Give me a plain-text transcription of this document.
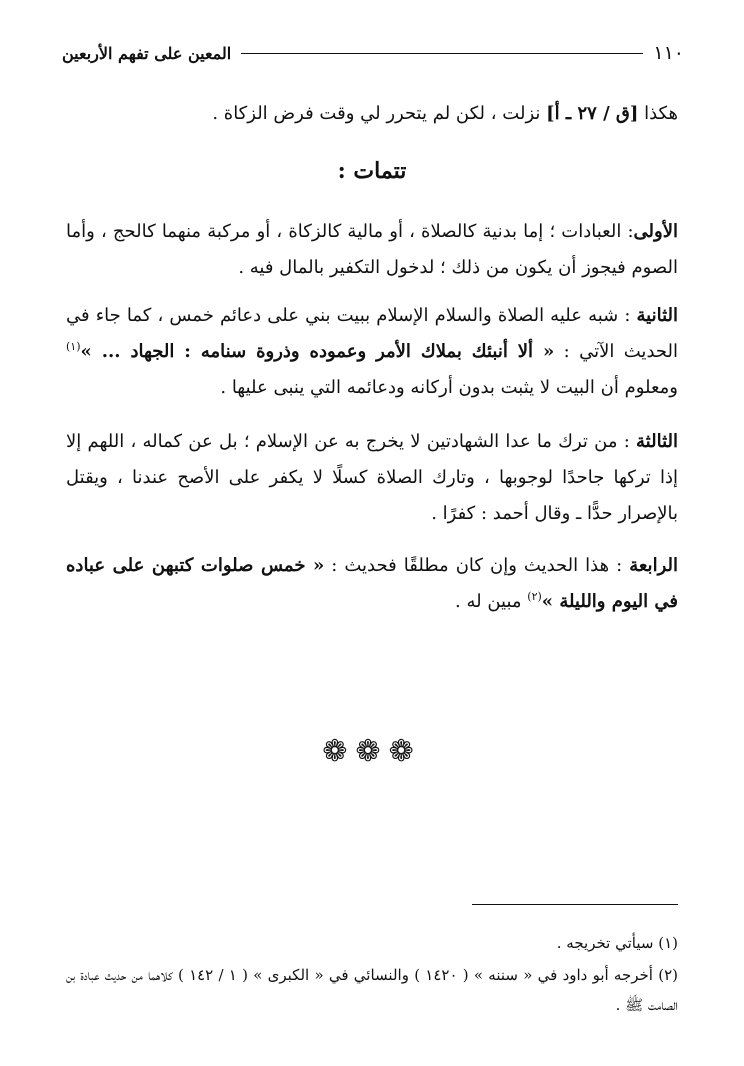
١١٠
المعين على تفهم الأربعين
هكذا [ق / ٢٧ ـ أ] نزلت ، لكن لم يتحرر لي وقت فرض الزكاة .
تتمات :
الأولى: العبادات ؛ إما بدنية كالصلاة ، أو مالية كالزكاة ، أو مركبة منهما كالحج ، وأما الصوم فيجوز أن يكون من ذلك ؛ لدخول التكفير بالمال فيه .
الثانية : شبه عليه الصلاة والسلام الإسلام ببيت بني على دعائم خمس ، كما جاء في الحديث الآتي : « ألا أنبئك بملاك الأمر وعموده وذروة سنامه : الجهاد ... »$^{(١)}$ ومعلوم أن البيت لا يثبت بدون أركانه ودعائمه التي ينبى عليها .
الثالثة : من ترك ما عدا الشهادتين لا يخرج به عن الإسلام ؛ بل عن كماله ، اللهم إلا إذا تركها جاحدًا لوجوبها ، وتارك الصلاة كسلًا لا يكفر على الأصح عندنا ، ويقتل بالإصرار حدًّا ـ وقال أحمد : كفرًا .
الرابعة : هذا الحديث وإن كان مطلقًا فحديث : « خمس صلوات كتبهن على عباده في اليوم والليلة »$^{(٢)}$ مبين له .
❁❁❁
(١) سيأتي تخريجه .
(٢) أخرجه أبو داود في « سننه » ( ١٤٢٠ ) والنسائي في « الكبرى » ( ١ / ١٤٢ ) كلاهما من حديث عبادة بن الصامت ﷺ .
